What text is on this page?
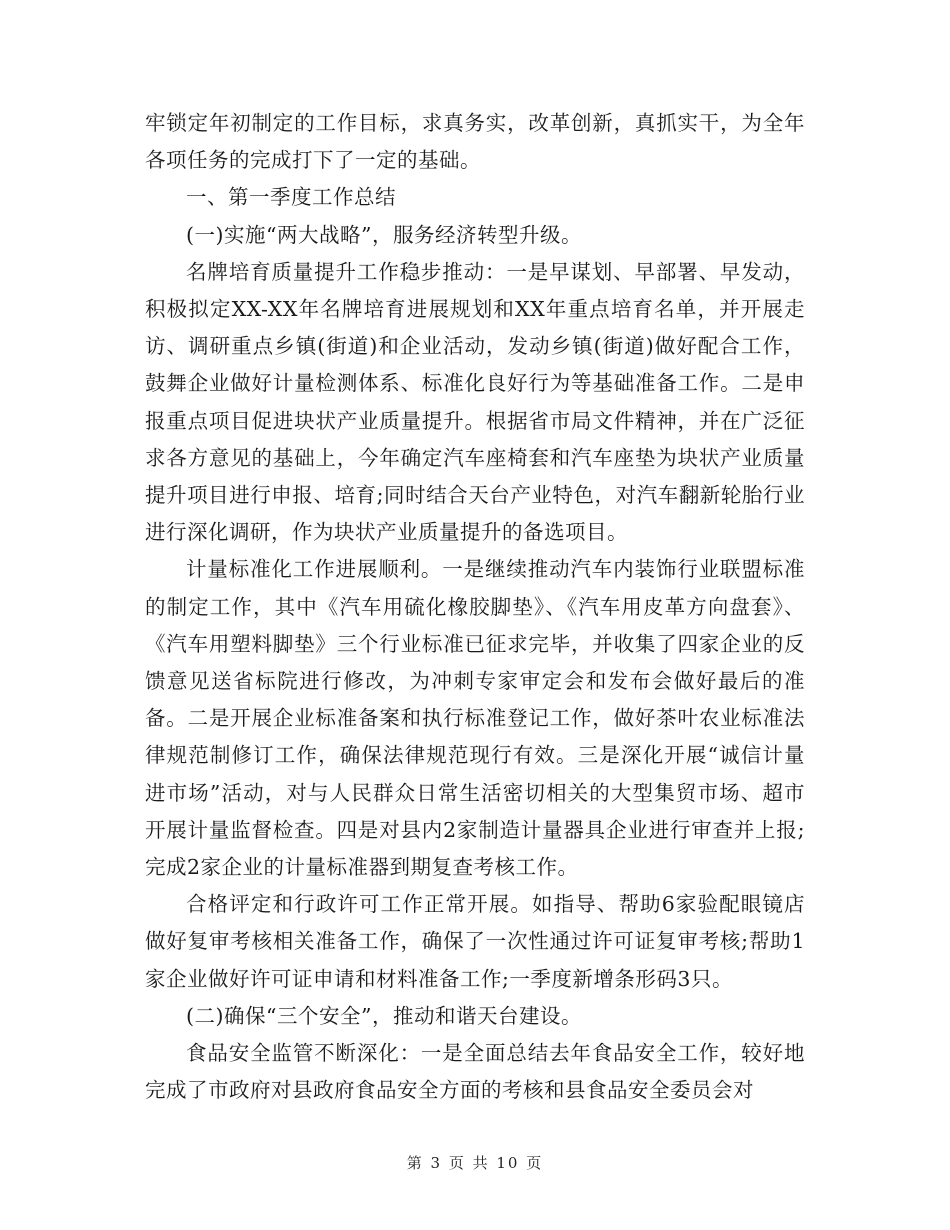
牢锁定年初制定的工作目标，求真务实，改革创新，真抓实干，为全年各项任务的完成打下了一定的基础。

一、第一季度工作总结

(一)实施“两大战略”，服务经济转型升级。

名牌培育质量提升工作稳步推动：一是早谋划、早部署、早发动，积极拟定XX-XX年名牌培育进展规划和XX年重点培育名单，并开展走访、调研重点乡镇(街道)和企业活动，发动乡镇(街道)做好配合工作，鼓舞企业做好计量检测体系、标准化良好行为等基础准备工作。二是申报重点项目促进块状产业质量提升。根据省市局文件精神，并在广泛征求各方意见的基础上，今年确定汽车座椅套和汽车座垫为块状产业质量提升项目进行申报、培育;同时结合天台产业特色，对汽车翻新轮胎行业进行深化调研，作为块状产业质量提升的备选项目。

计量标准化工作进展顺利。一是继续推动汽车内装饰行业联盟标准的制定工作，其中《汽车用硫化橡胶脚垫》、《汽车用皮革方向盘套》、《汽车用塑料脚垫》三个行业标准已征求完毕，并收集了四家企业的反馈意见送省标院进行修改，为冲刺专家审定会和发布会做好最后的准备。二是开展企业标准备案和执行标准登记工作，做好茶叶农业标准法律规范制修订工作，确保法律规范现行有效。三是深化开展“诚信计量进市场”活动，对与人民群众日常生活密切相关的大型集贸市场、超市开展计量监督检查。四是对县内2家制造计量器具企业进行审查并上报;完成2家企业的计量标准器到期复查考核工作。

合格评定和行政许可工作正常开展。如指导、帮助6家验配眼镜店做好复审考核相关准备工作，确保了一次性通过许可证复审考核;帮助1家企业做好许可证申请和材料准备工作;一季度新增条形码3只。

(二)确保“三个安全”，推动和谐天台建设。

食品安全监管不断深化：一是全面总结去年食品安全工作，较好地完成了市政府对县政府食品安全方面的考核和县食品安全委员会对

第 3 页 共 10 页
